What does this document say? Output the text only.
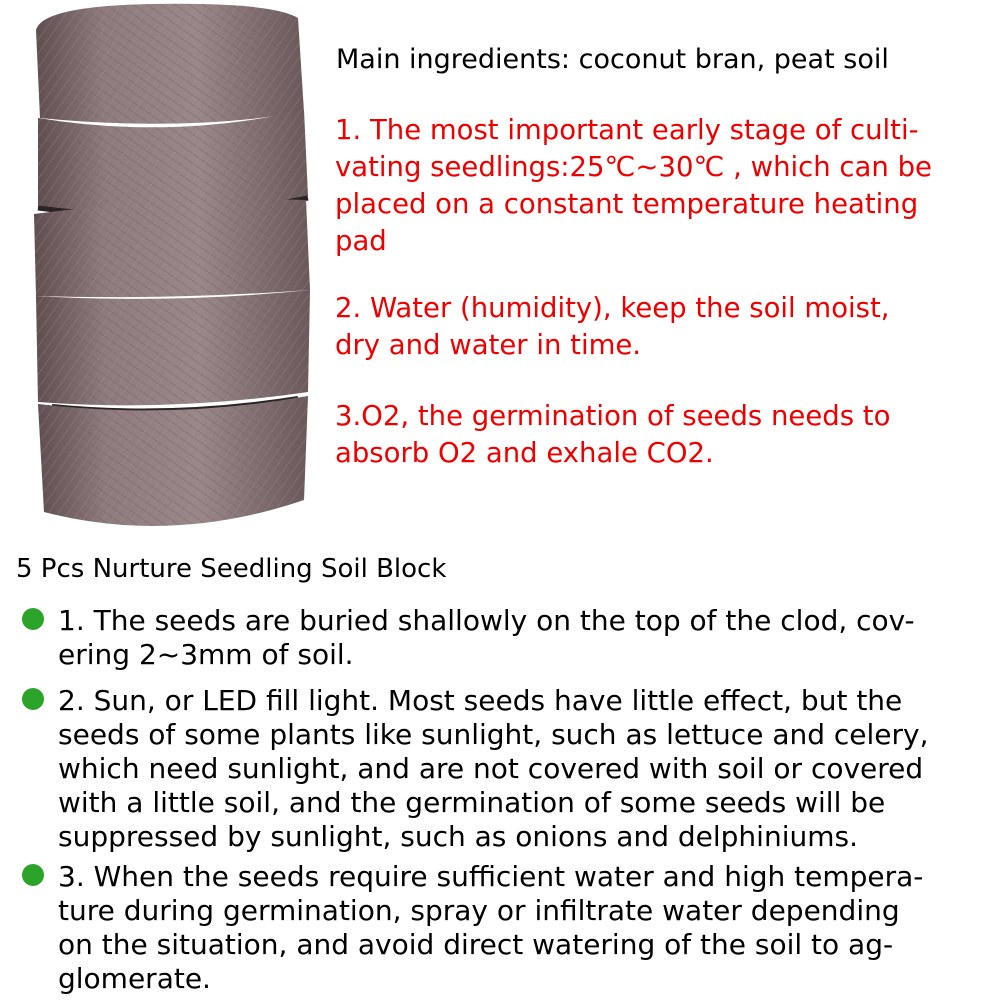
Main ingredients: coconut bran, peat soil

1. The most important early stage of culti-

vating seedlings:25℃~30℃ , which can be

placed on a constant temperature heating

pad

2. Water (humidity), keep the soil moist,

dry and water in time.

3.O2, the germination of seeds needs to

absorb O2 and exhale CO2.

5 Pcs Nurture Seedling Soil Block

1. The seeds are buried shallowly on the top of the clod, cov-

ering 2~3mm of soil.

2. Sun, or LED fill light. Most seeds have little effect, but the

seeds of some plants like sunlight, such as lettuce and celery,

which need sunlight, and are not covered with soil or covered

with a little soil, and the germination of some seeds will be

suppressed by sunlight, such as onions and delphiniums.

3. When the seeds require sufficient water and high tempera-

ture during germination, spray or infiltrate water depending

on the situation, and avoid direct watering of the soil to ag-

glomerate.
